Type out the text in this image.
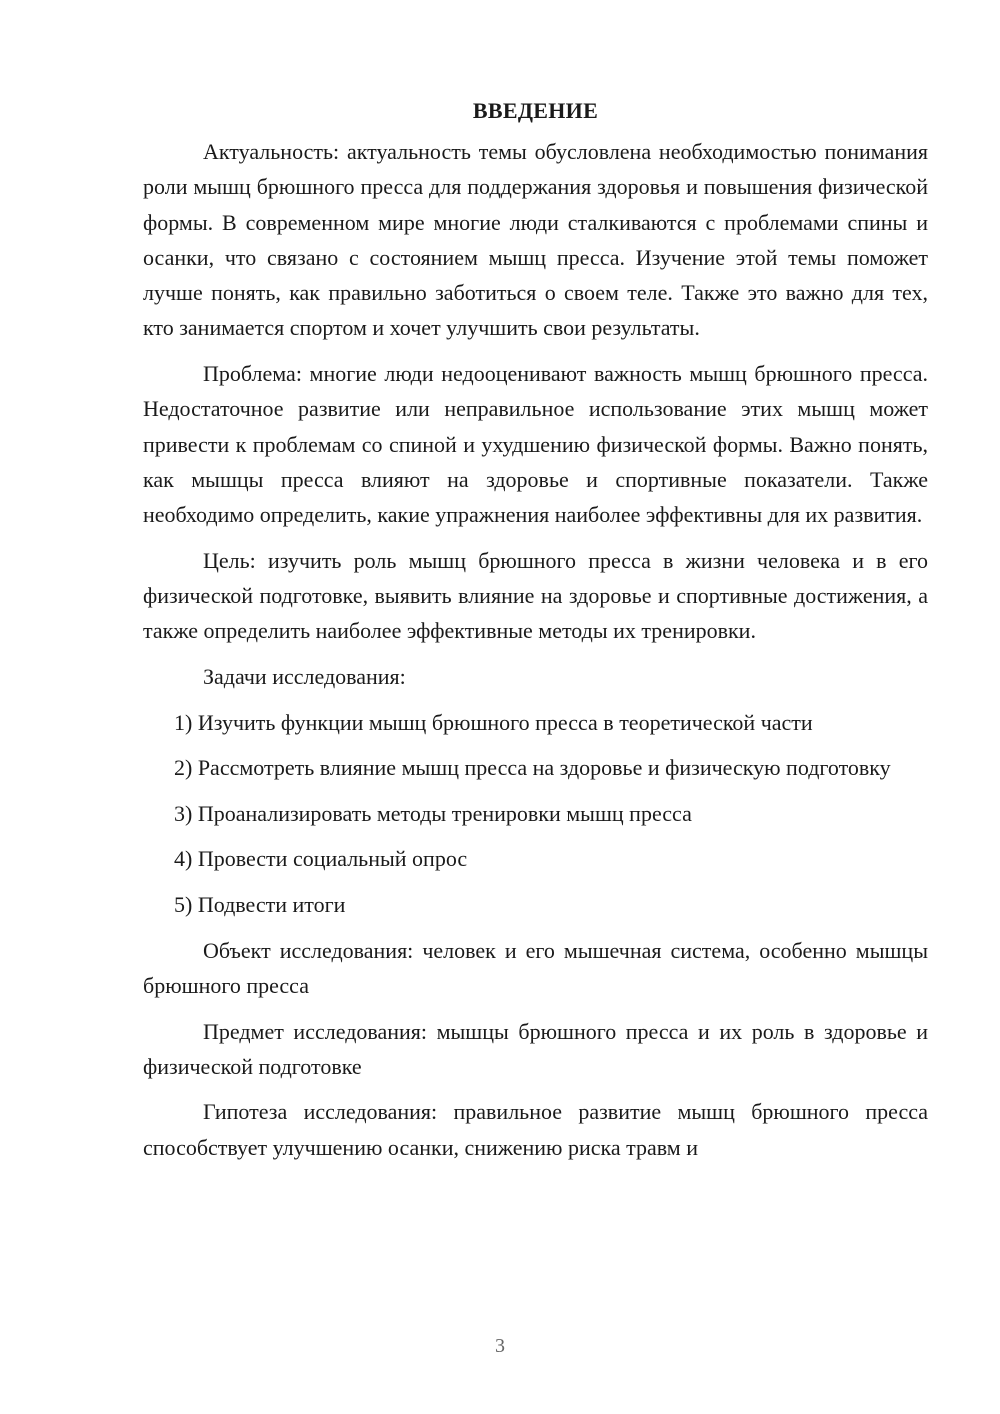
ВВЕДЕНИЕ

Актуальность: актуальность темы обусловлена необходимостью понимания роли мышц брюшного пресса для поддержания здоровья и повышения физической формы. В современном мире многие люди сталкиваются с проблемами спины и осанки, что связано с состоянием мышц пресса. Изучение этой темы поможет лучше понять, как правильно заботиться о своем теле. Также это важно для тех, кто занимается спортом и хочет улучшить свои результаты.

Проблема: многие люди недооценивают важность мышц брюшного пресса. Недостаточное развитие или неправильное использование этих мышц может привести к проблемам со спиной и ухудшению физической формы. Важно понять, как мышцы пресса влияют на здоровье и спортивные показатели. Также необходимо определить, какие упражнения наиболее эффективны для их развития.

Цель: изучить роль мышц брюшного пресса в жизни человека и в его физической подготовке, выявить влияние на здоровье и спортивные достижения, а также определить наиболее эффективные методы их тренировки.

Задачи исследования:

1) Изучить функции мышц брюшного пресса в теоретической части

2) Рассмотреть влияние мышц пресса на здоровье и физическую подготовку

3) Проанализировать методы тренировки мышц пресса

4) Провести социальный опрос

5) Подвести итоги

Объект исследования: человек и его мышечная система, особенно мышцы брюшного пресса

Предмет исследования: мышцы брюшного пресса и их роль в здоровье и физической подготовке

Гипотеза исследования: правильное развитие мышц брюшного пресса способствует улучшению осанки, снижению риска травм и

3
